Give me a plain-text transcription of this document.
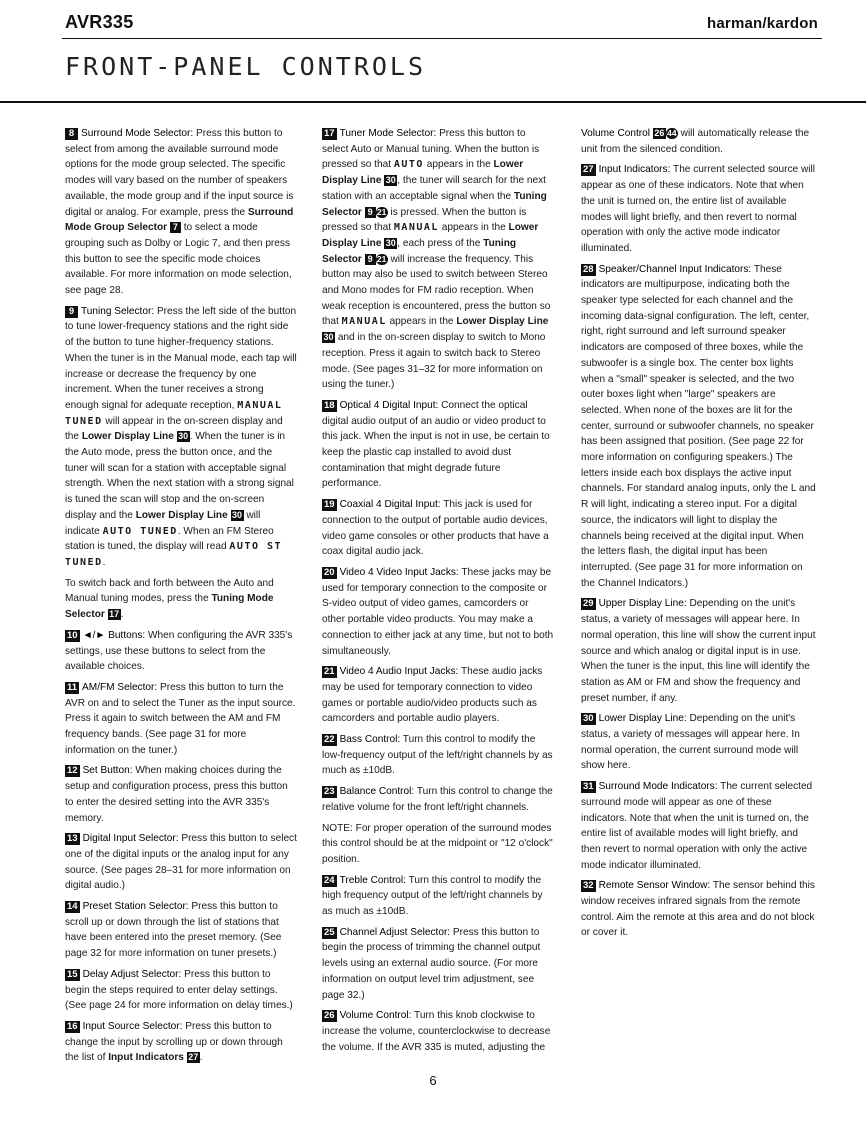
AVR335	harman/kardon
FRONT-PANEL CONTROLS

8 Surround Mode Selector: Press this button to select from among the available surround mode options for the mode group selected. The specific modes will vary based on the number of speakers available, the mode group and if the input source is digital or analog. For example, press the Surround Mode Group Selector 7 to select a mode grouping such as Dolby or Logic 7, and then press this button to see the specific mode choices available. For more information on mode selection, see page 28.

9 Tuning Selector: Press the left side of the button to tune lower-frequency stations and the right side of the button to tune higher-frequency stations. When the tuner is in the Manual mode, each tap will increase or decrease the frequency by one increment. When the tuner receives a strong enough signal for adequate reception, MANUAL TUNED will appear in the on-screen display and the Lower Display Line 30 . When the tuner is in the Auto mode, press the button once, and the tuner will scan for a station with acceptable signal strength. When the next station with a strong signal is tuned the scan will stop and the on-screen display and the Lower Display Line 30 will indicate AUTO TUNED. When an FM Stereo station is tuned, the display will read AUTO ST TUNED.

To switch back and forth between the Auto and Manual tuning modes, press the Tuning Mode Selector 17 .

10 ◄/► Buttons: When configuring the AVR 335's settings, use these buttons to select from the available choices.

11 AM/FM Selector: Press this button to turn the AVR on and to select the Tuner as the input source. Press it again to switch between the AM and FM frequency bands. (See page 31 for more information on the tuner.)

12 Set Button: When making choices during the setup and configuration process, press this button to enter the desired setting into the AVR 335's memory.

13 Digital Input Selector: Press this button to select one of the digital inputs or the analog input for any source. (See pages 28–31 for more information on digital audio.)

14 Preset Station Selector: Press this button to scroll up or down through the list of stations that have been entered into the preset memory. (See page 32 for more information on tuner presets.)

15 Delay Adjust Selector: Press this button to begin the steps required to enter delay settings. (See page 24 for more information on delay times.)

16 Input Source Selector: Press this button to change the input by scrolling up or down through the list of Input Indicators 27 .

17 Tuner Mode Selector: Press this button to select Auto or Manual tuning. When the button is pressed so that AUTO appears in the Lower Display Line 30 , the tuner will search for the next station with an acceptable signal when the Tuning Selector 9 21 is pressed. When the button is pressed so that MANUAL appears in the Lower Display Line 30 , each press of the Tuning Selector 9 21 will increase the frequency. This button may also be used to switch between Stereo and Mono modes for FM radio reception. When weak reception is encountered, press the button so that MANUAL appears in the Lower Display Line 30 and in the on-screen display to switch to Mono reception. Press it again to switch back to Stereo mode. (See pages 31–32 for more information on using the tuner.)

18 Optical 4 Digital Input: Connect the optical digital audio output of an audio or video product to this jack. When the input is not in use, be certain to keep the plastic cap installed to avoid dust contamination that might degrade future performance.

19 Coaxial 4 Digital Input: This jack is used for connection to the output of portable audio devices, video game consoles or other products that have a coax digital audio jack.

20 Video 4 Video Input Jacks: These jacks may be used for temporary connection to the composite or S-video output of video games, camcorders or other portable video products. You may make a connection to either jack at any time, but not to both simultaneously.

21 Video 4 Audio Input Jacks: These audio jacks may be used for temporary connection to video games or portable audio/video products such as camcorders and portable audio players.

22 Bass Control: Turn this control to modify the low-frequency output of the left/right channels by as much as ±10dB.

23 Balance Control: Turn this control to change the relative volume for the front left/right channels.

NOTE: For proper operation of the surround modes this control should be at the midpoint or "12 o'clock" position.

24 Treble Control: Turn this control to modify the high frequency output of the left/right channels by as much as ±10dB.

25 Channel Adjust Selector: Press this button to begin the process of trimming the channel output levels using an external audio source. (For more information on output level trim adjustment, see page 32.)

26 Volume Control: Turn this knob clockwise to increase the volume, counterclockwise to decrease the volume. If the AVR 335 is muted, adjusting the

Volume Control 26 44 will automatically release the unit from the silenced condition.

27 Input Indicators: The current selected source will appear as one of these indicators. Note that when the unit is turned on, the entire list of available modes will light briefly, and then revert to normal operation with only the active mode indicator illuminated.

28 Speaker/Channel Input Indicators: These indicators are multipurpose, indicating both the speaker type selected for each channel and the incoming data-signal configuration. The left, center, right, right surround and left surround speaker indicators are composed of three boxes, while the subwoofer is a single box. The center box lights when a "small" speaker is selected, and the two outer boxes light when "large" speakers are selected. When none of the boxes are lit for the center, surround or subwoofer channels, no speaker has been assigned that position. (See page 22 for more information on configuring speakers.) The letters inside each box displays the active input channels. For standard analog inputs, only the L and R will light, indicating a stereo input. For a digital source, the indicators will light to display the channels being received at the digital input. When the letters flash, the digital input has been interrupted. (See page 31 for more information on the Channel Indicators.)

29 Upper Display Line: Depending on the unit's status, a variety of messages will appear here. In normal operation, this line will show the current input source and which analog or digital input is in use. When the tuner is the input, this line will identify the station as AM or FM and show the frequency and preset number, if any.

30 Lower Display Line: Depending on the unit's status, a variety of messages will appear here. In normal operation, the current surround mode will show here.

31 Surround Mode Indicators: The current selected surround mode will appear as one of these indicators. Note that when the unit is turned on, the entire list of available modes will light briefly, and then revert to normal operation with only the active mode indicator illuminated.

32 Remote Sensor Window: The sensor behind this window receives infrared signals from the remote control. Aim the remote at this area and do not block or cover it.

6
